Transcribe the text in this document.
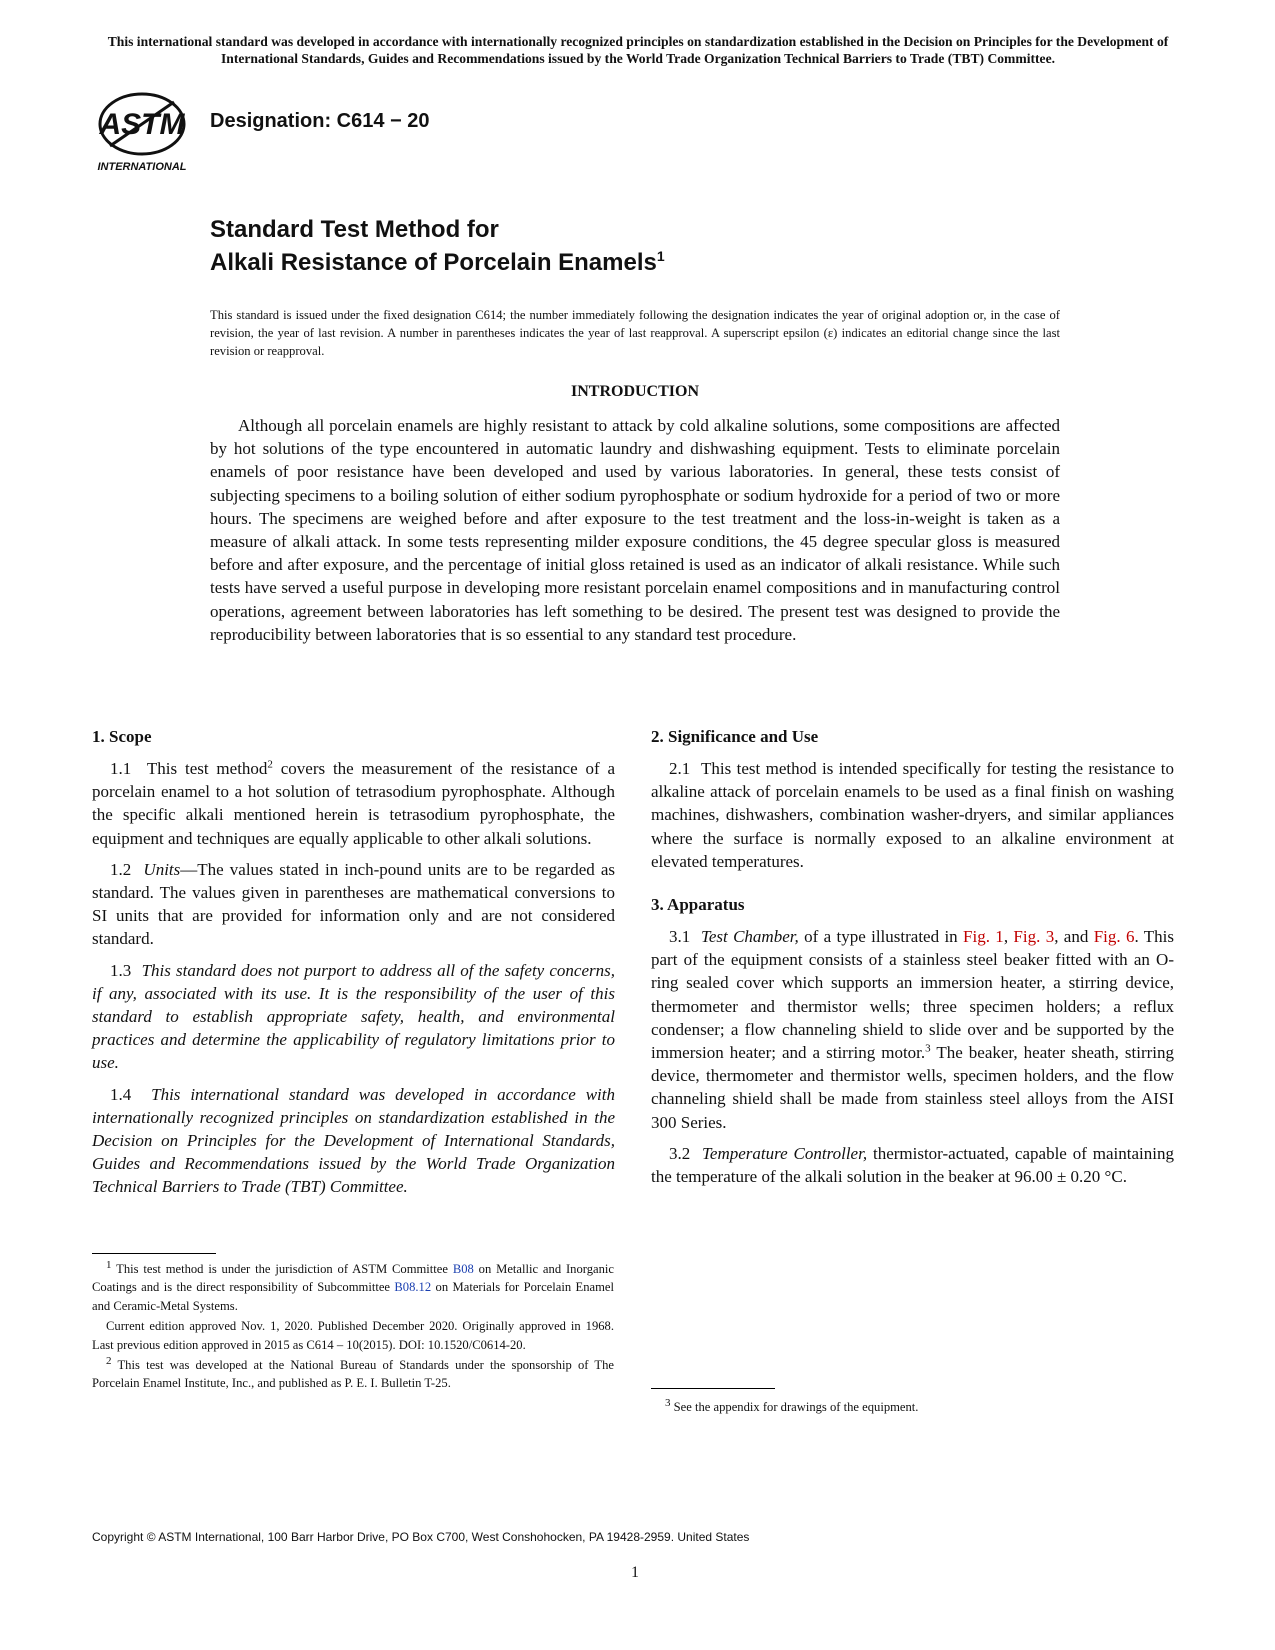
This international standard was developed in accordance with internationally recognized principles on standardization established in the Decision on Principles for the Development of International Standards, Guides and Recommendations issued by the World Trade Organization Technical Barriers to Trade (TBT) Committee.
ASTM
INTERNATIONAL
Designation: C614 − 20
Standard Test Method for
Alkali Resistance of Porcelain Enamels$^1$
This standard is issued under the fixed designation C614; the number immediately following the designation indicates the year of original adoption or, in the case of revision, the year of last revision. A number in parentheses indicates the year of last reapproval. A superscript epsilon (ε) indicates an editorial change since the last revision or reapproval.
INTRODUCTION
Although all porcelain enamels are highly resistant to attack by cold alkaline solutions, some compositions are affected by hot solutions of the type encountered in automatic laundry and dishwashing equipment. Tests to eliminate porcelain enamels of poor resistance have been developed and used by various laboratories. In general, these tests consist of subjecting specimens to a boiling solution of either sodium pyrophosphate or sodium hydroxide for a period of two or more hours. The specimens are weighed before and after exposure to the test treatment and the loss-in-weight is taken as a measure of alkali attack. In some tests representing milder exposure conditions, the 45 degree specular gloss is measured before and after exposure, and the percentage of initial gloss retained is used as an indicator of alkali resistance. While such tests have served a useful purpose in developing more resistant porcelain enamel compositions and in manufacturing control operations, agreement between laboratories has left something to be desired. The present test was designed to provide the reproducibility between laboratories that is so essential to any standard test procedure.
1. Scope

1.1 This test method$^2$ covers the measurement of the resistance of a porcelain enamel to a hot solution of tetrasodium pyrophosphate. Although the specific alkali mentioned herein is tetrasodium pyrophosphate, the equipment and techniques are equally applicable to other alkali solutions.

1.2 Units—The values stated in inch-pound units are to be regarded as standard. The values given in parentheses are mathematical conversions to SI units that are provided for information only and are not considered standard.

1.3 This standard does not purport to address all of the safety concerns, if any, associated with its use. It is the responsibility of the user of this standard to establish appropriate safety, health, and environmental practices and determine the applicability of regulatory limitations prior to use.

1.4 This international standard was developed in accordance with internationally recognized principles on standardization established in the Decision on Principles for the Development of International Standards, Guides and Recommendations issued by the World Trade Organization Technical Barriers to Trade (TBT) Committee.

2. Significance and Use

2.1 This test method is intended specifically for testing the resistance to alkaline attack of porcelain enamels to be used as a final finish on washing machines, dishwashers, combination washer-dryers, and similar appliances where the surface is normally exposed to an alkaline environment at elevated temperatures.

3. Apparatus

3.1 Test Chamber, of a type illustrated in Fig. 1, Fig. 3, and Fig. 6. This part of the equipment consists of a stainless steel beaker fitted with an O-ring sealed cover which supports an immersion heater, a stirring device, thermometer and thermistor wells; three specimen holders; a reflux condenser; a flow channeling shield to slide over and be supported by the immersion heater; and a stirring motor.$^3$ The beaker, heater sheath, stirring device, thermometer and thermistor wells, specimen holders, and the flow channeling shield shall be made from stainless steel alloys from the AISI 300 Series.

3.2 Temperature Controller, thermistor-actuated, capable of maintaining the temperature of the alkali solution in the beaker at 96.00 ± 0.20 °C.

$^1$ This test method is under the jurisdiction of ASTM Committee B08 on Metallic and Inorganic Coatings and is the direct responsibility of Subcommittee B08.12 on Materials for Porcelain Enamel and Ceramic-Metal Systems.

Current edition approved Nov. 1, 2020. Published December 2020. Originally approved in 1968. Last previous edition approved in 2015 as C614 – 10(2015). DOI: 10.1520/C0614-20.

$^2$ This test was developed at the National Bureau of Standards under the sponsorship of The Porcelain Enamel Institute, Inc., and published as P. E. I. Bulletin T-25.

$^3$ See the appendix for drawings of the equipment.

Copyright © ASTM International, 100 Barr Harbor Drive, PO Box C700, West Conshohocken, PA 19428-2959. United States
1
